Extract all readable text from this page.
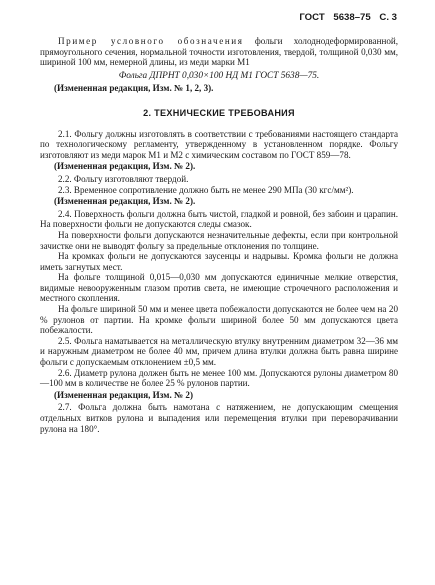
ГОСТ 5638–75 С. 3

Пример условного обозначения фольги холоднодеформированной, прямоугольного сечения, нормальной точности изготовления, твердой, толщиной 0,030 мм, шириной 100 мм, немерной длины, из меди марки М1

Фольга ДПРНТ 0,030×100 НД М1 ГОСТ 5638—75.

(Измененная редакция, Изм. № 1, 2, 3).

2. ТЕХНИЧЕСКИЕ ТРЕБОВАНИЯ

2.1. Фольгу должны изготовлять в соответствии с требованиями настоящего стандарта по технологическому регламенту, утвержденному в установленном порядке. Фольгу изготовляют из меди марок М1 и М2 с химическим составом по ГОСТ 859—78.

(Измененная редакция, Изм. № 2).

2.2. Фольгу изготовляют твердой.

2.3. Временное сопротивление должно быть не менее 290 МПа (30 кгс/мм²).

(Измененная редакция, Изм. № 2).

2.4. Поверхность фольги должна быть чистой, гладкой и ровной, без забоин и царапин. На поверхности фольги не допускаются следы смазок.

На поверхности фольги допускаются незначительные дефекты, если при контрольной зачистке они не выводят фольгу за предельные отклонения по толщине.

На кромках фольги не допускаются заусенцы и надрывы. Кромка фольги не должна иметь загнутых мест.

На фольге толщиной 0,015—0,030 мм допускаются единичные мелкие отверстия, видимые невооруженным глазом против света, не имеющие строчечного расположения и местного скопления.

На фольге шириной 50 мм и менее цвета побежалости допускаются не более чем на 20 % рулонов от партии. На кромке фольги шириной более 50 мм допускаются цвета побежалости.

2.5. Фольга наматывается на металлическую втулку внутренним диаметром 32—36 мм и наружным диаметром не более 40 мм, причем длина втулки должна быть равна ширине фольги с допускаемым отклонением ±0,5 мм.

2.6. Диаметр рулона должен быть не менее 100 мм. Допускаются рулоны диаметром 80—100 мм в количестве не более 25 % рулонов партии.

(Измененная редакция, Изм. № 2)

2.7. Фольга должна быть намотана с натяжением, не допускающим смещения отдельных витков рулона и выпадения или перемещения втулки при переворачивании рулона на 180°.
